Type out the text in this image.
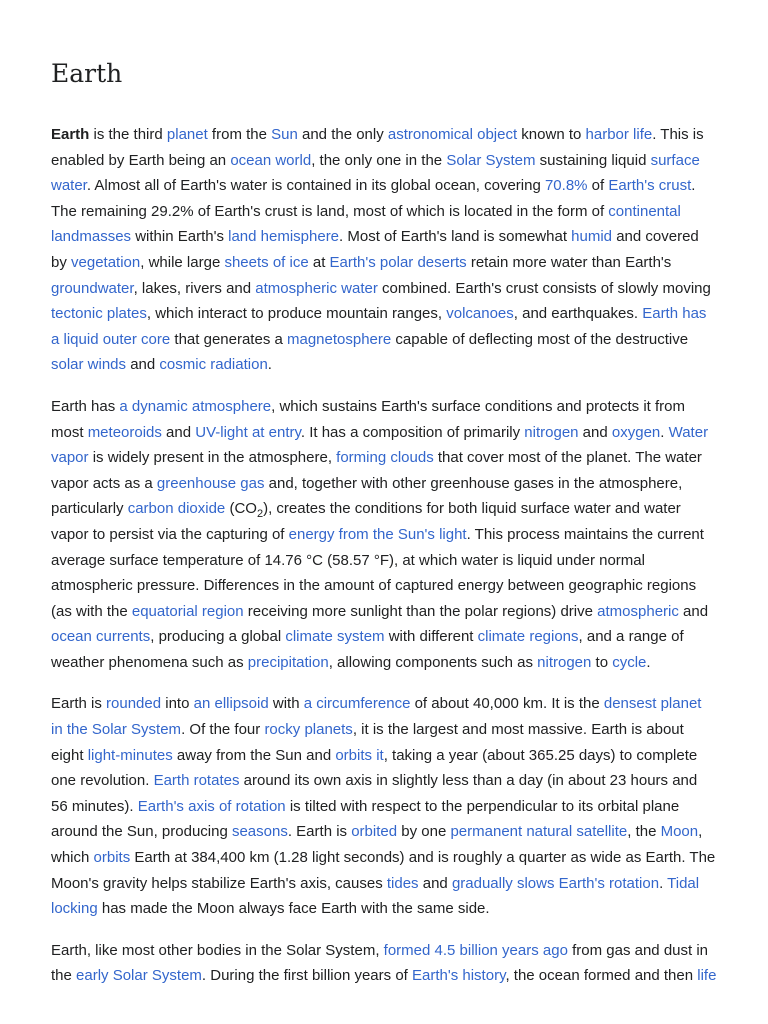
Earth

Earth is the third planet from the Sun and the only astronomical object known to harbor life. This is enabled by Earth being an ocean world, the only one in the Solar System sustaining liquid surface water. Almost all of Earth's water is contained in its global ocean, covering 70.8% of Earth's crust. The remaining 29.2% of Earth's crust is land, most of which is located in the form of continental landmasses within Earth's land hemisphere. Most of Earth's land is somewhat humid and covered by vegetation, while large sheets of ice at Earth's polar deserts retain more water than Earth's groundwater, lakes, rivers and atmospheric water combined. Earth's crust consists of slowly moving tectonic plates, which interact to produce mountain ranges, volcanoes, and earthquakes. Earth has a liquid outer core that generates a magnetosphere capable of deflecting most of the destructive solar winds and cosmic radiation.

Earth has a dynamic atmosphere, which sustains Earth's surface conditions and protects it from most meteoroids and UV-light at entry. It has a composition of primarily nitrogen and oxygen. Water vapor is widely present in the atmosphere, forming clouds that cover most of the planet. The water vapor acts as a greenhouse gas and, together with other greenhouse gases in the atmosphere, particularly carbon dioxide $(CO_2)$, creates the conditions for both liquid surface water and water vapor to persist via the capturing of energy from the Sun's light. This process maintains the current average surface temperature of 14.76 °C (58.57 °F), at which water is liquid under normal atmospheric pressure. Differences in the amount of captured energy between geographic regions (as with the equatorial region receiving more sunlight than the polar regions) drive atmospheric and ocean currents, producing a global climate system with different climate regions, and a range of weather phenomena such as precipitation, allowing components such as nitrogen to cycle.

Earth is rounded into an ellipsoid with a circumference of about 40,000 km. It is the densest planet in the Solar System. Of the four rocky planets, it is the largest and most massive. Earth is about eight light-minutes away from the Sun and orbits it, taking a year (about 365.25 days) to complete one revolution. Earth rotates around its own axis in slightly less than a day (in about 23 hours and 56 minutes). Earth's axis of rotation is tilted with respect to the perpendicular to its orbital plane around the Sun, producing seasons. Earth is orbited by one permanent natural satellite, the Moon, which orbits Earth at 384,400 km (1.28 light seconds) and is roughly a quarter as wide as Earth. The Moon's gravity helps stabilize Earth's axis, causes tides and gradually slows Earth's rotation. Tidal locking has made the Moon always face Earth with the same side.

Earth, like most other bodies in the Solar System, formed 4.5 billion years ago from gas and dust in the early Solar System. During the first billion years of Earth's history, the ocean formed and then life
